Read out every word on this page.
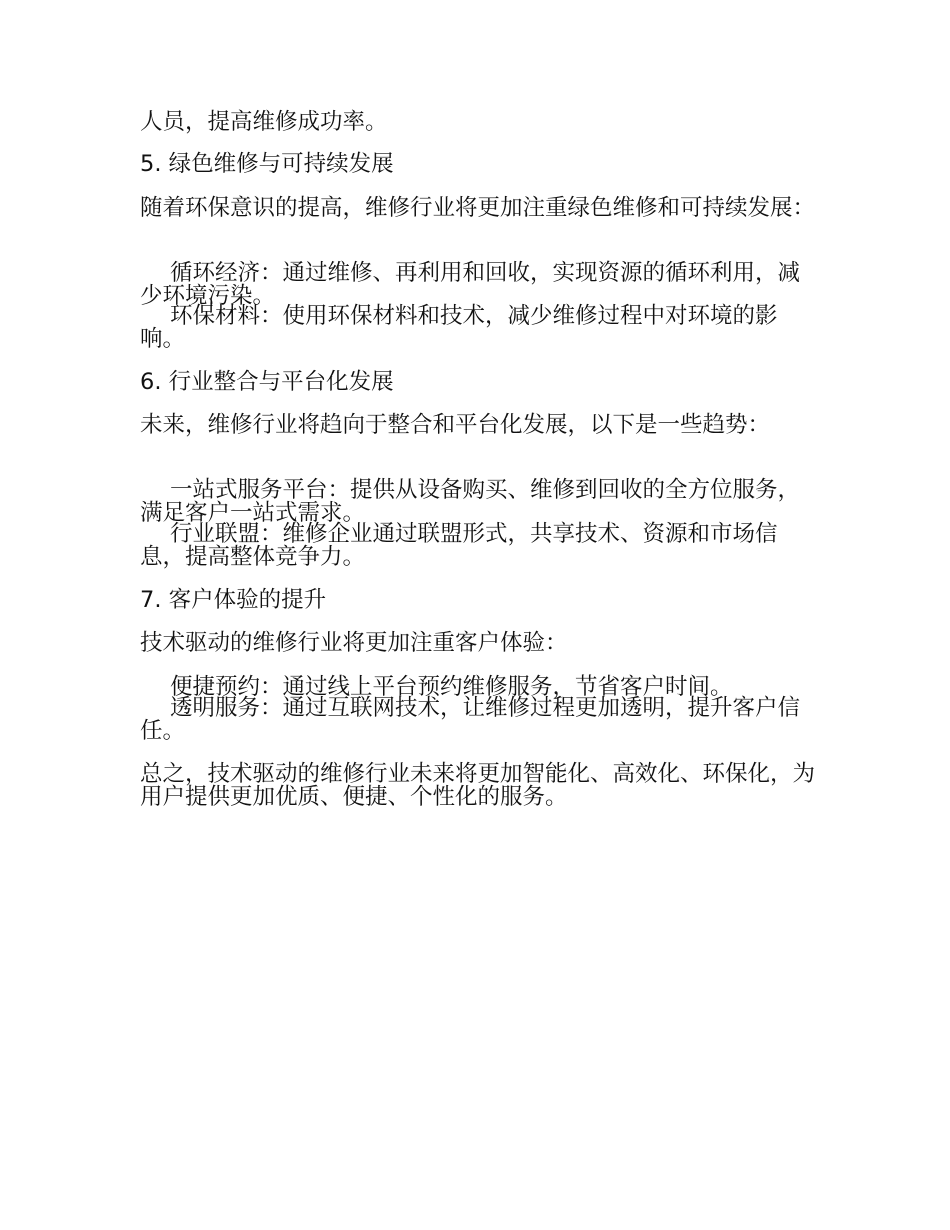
人员，提高维修成功率。
5. 绿色维修与可持续发展
随着环保意识的提高，维修行业将更加注重绿色维修和可持续发展：
循环经济：通过维修、再利用和回收，实现资源的循环利用，减少环境污染。
环保材料：使用环保材料和技术，减少维修过程中对环境的影响。
6. 行业整合与平台化发展
未来，维修行业将趋向于整合和平台化发展，以下是一些趋势：
一站式服务平台：提供从设备购买、维修到回收的全方位服务，满足客户一站式需求。
行业联盟：维修企业通过联盟形式，共享技术、资源和市场信息，提高整体竞争力。
7. 客户体验的提升
技术驱动的维修行业将更加注重客户体验：
便捷预约：通过线上平台预约维修服务，节省客户时间。
透明服务：通过互联网技术，让维修过程更加透明，提升客户信任。
总之，技术驱动的维修行业未来将更加智能化、高效化、环保化，为用户提供更加优质、便捷、个性化的服务。
